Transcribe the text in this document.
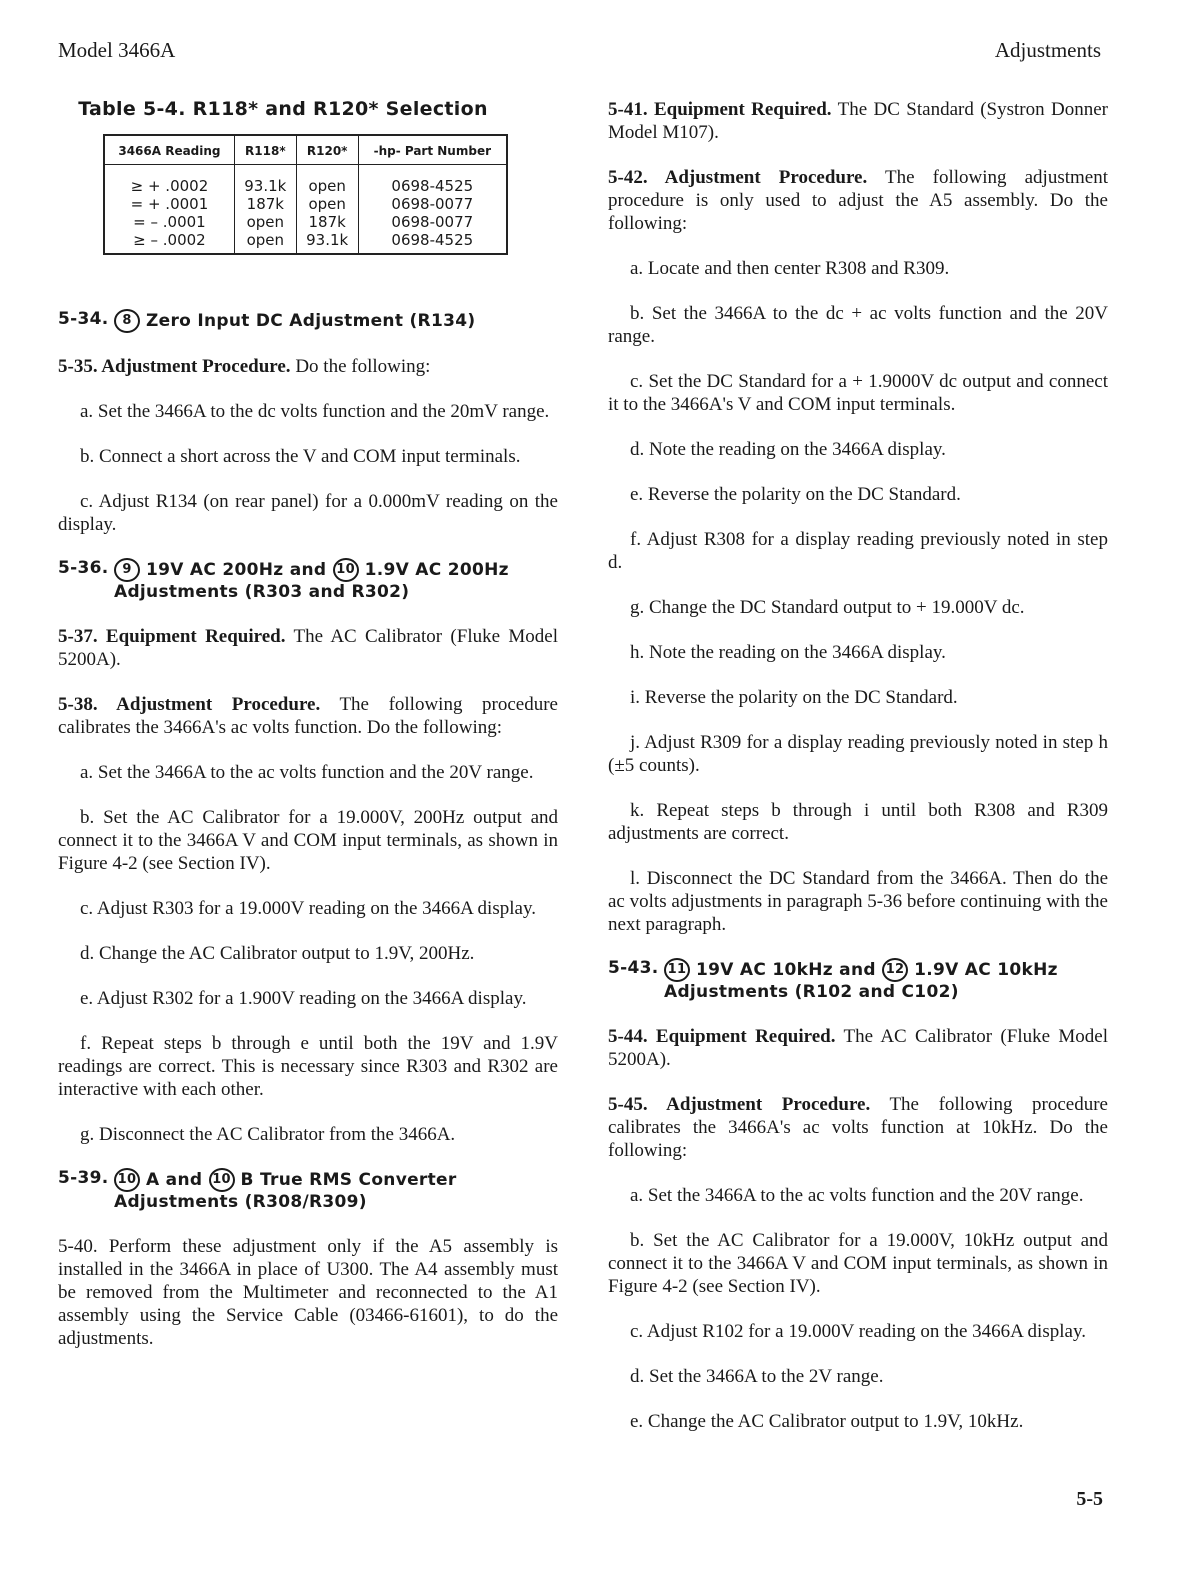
Model 3466A	Adjustments
Table 5-4. R118* and R120* Selection
3466A Reading	R118*	R120*	-hp- Part Number
≥ + .0002	93.1k	open	0698-4525
= + .0001	187k	open	0698-0077
= – .0001	open	187k	0698-0077
≥ – .0002	open	93.1k	0698-4525
5-34.	8 Zero Input DC Adjustment (R134)

5-35. Adjustment Procedure. Do the following:

a. Set the 3466A to the dc volts function and the 20mV range.

b. Connect a short across the V and COM input terminals.

c. Adjust R134 (on rear panel) for a 0.000mV reading on the display.

5-36.	9 19V AC 200Hz and 10 1.9V AC 200Hz Adjustments (R303 and R302)

5-37. Equipment Required. The AC Calibrator (Fluke Model 5200A).

5-38. Adjustment Procedure. The following procedure calibrates the 3466A's ac volts function. Do the following:

a. Set the 3466A to the ac volts function and the 20V range.

b. Set the AC Calibrator for a 19.000V, 200Hz output and connect it to the 3466A V and COM input terminals, as shown in Figure 4-2 (see Section IV).

c. Adjust R303 for a 19.000V reading on the 3466A display.

d. Change the AC Calibrator output to 1.9V, 200Hz.

e. Adjust R302 for a 1.900V reading on the 3466A display.

f. Repeat steps b through e until both the 19V and 1.9V readings are correct. This is necessary since R303 and R302 are interactive with each other.

g. Disconnect the AC Calibrator from the 3466A.

5-39. 10 A and 10 B True RMS Converter Adjustments (R308/R309)

5-40. Perform these adjustment only if the A5 assembly is installed in the 3466A in place of U300. The A4 assembly must be removed from the Multimeter and reconnected to the A1 assembly using the Service Cable (03466-61601), to do the adjustments.

5-41. Equipment Required. The DC Standard (Systron Donner Model M107).

5-42. Adjustment Procedure. The following adjustment procedure is only used to adjust the A5 assembly. Do the following:

a. Locate and then center R308 and R309.

b. Set the 3466A to the dc + ac volts function and the 20V range.

c. Set the DC Standard for a + 1.9000V dc output and connect it to the 3466A's V and COM input terminals.

d. Note the reading on the 3466A display.

e. Reverse the polarity on the DC Standard.

f. Adjust R308 for a display reading previously noted in step d.

g. Change the DC Standard output to + 19.000V dc.

h. Note the reading on the 3466A display.

i. Reverse the polarity on the DC Standard.

j. Adjust R309 for a display reading previously noted in step h (±5 counts).

k. Repeat steps b through i until both R308 and R309 adjustments are correct.

l. Disconnect the DC Standard from the 3466A. Then do the ac volts adjustments in paragraph 5-36 before continuing with the next paragraph.

5-43. 11 19V AC 10kHz and 12 1.9V AC 10kHz Adjustments (R102 and C102)

5-44. Equipment Required. The AC Calibrator (Fluke Model 5200A).

5-45. Adjustment Procedure. The following procedure calibrates the 3466A's ac volts function at 10kHz. Do the following:

a. Set the 3466A to the ac volts function and the 20V range.

b. Set the AC Calibrator for a 19.000V, 10kHz output and connect it to the 3466A V and COM input terminals, as shown in Figure 4-2 (see Section IV).

c. Adjust R102 for a 19.000V reading on the 3466A display.

d. Set the 3466A to the 2V range.

e. Change the AC Calibrator output to 1.9V, 10kHz.

5-5
